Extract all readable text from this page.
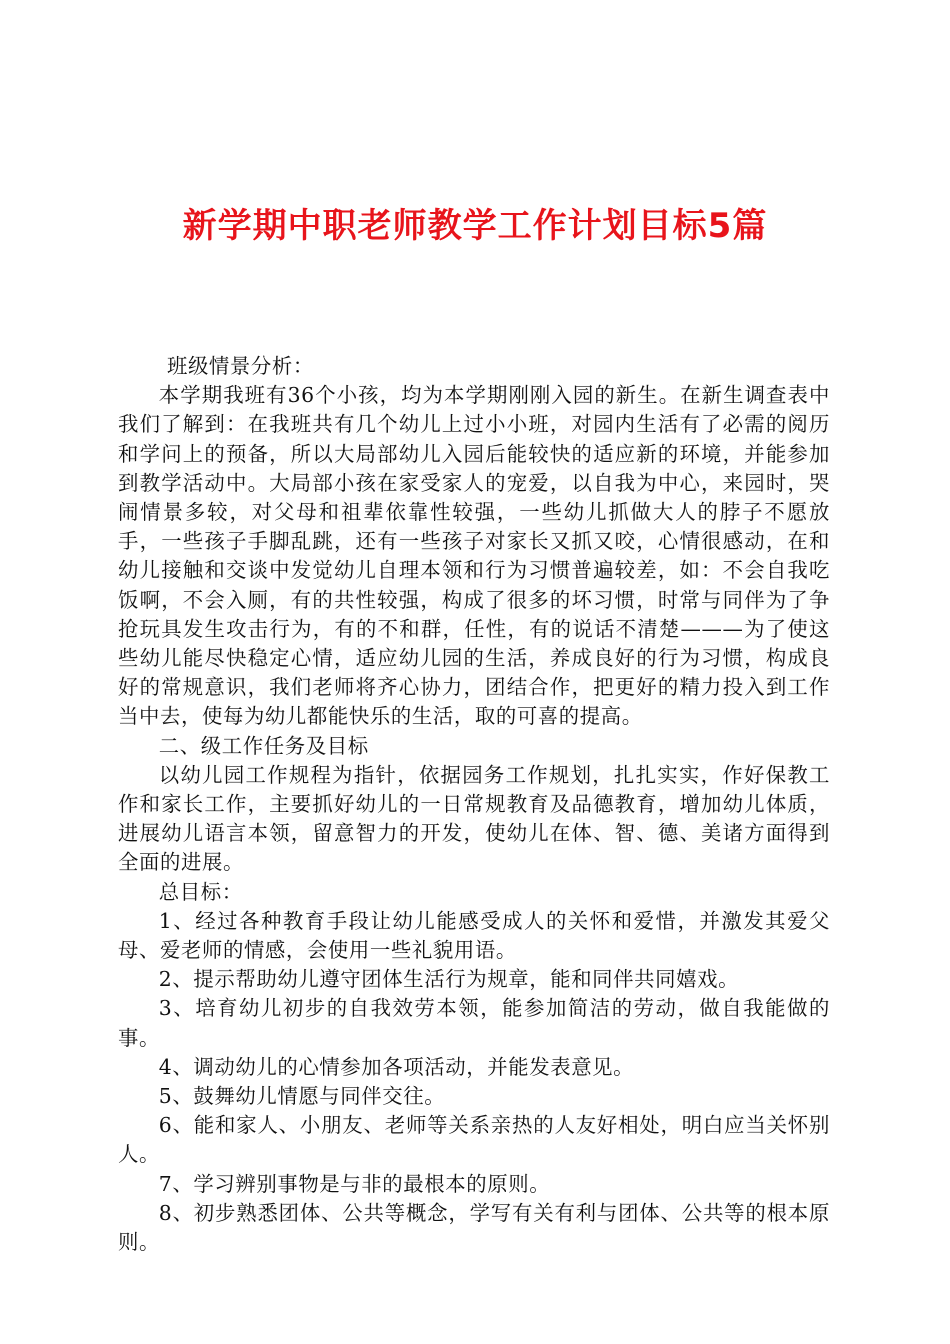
新学期中职老师教学工作计划目标5篇

班级情景分析：

本学期我班有36个小孩，均为本学期刚刚入园的新生。在新生调查表中我们了解到：在我班共有几个幼儿上过小小班，对园内生活有了必需的阅历和学问上的预备，所以大局部幼儿入园后能较快的适应新的环境，并能参加到教学活动中。大局部小孩在家受家人的宠爱，以自我为中心，来园时，哭闹情景多较，对父母和祖辈依靠性较强，一些幼儿抓做大人的脖子不愿放手，一些孩子手脚乱跳，还有一些孩子对家长又抓又咬，心情很感动，在和幼儿接触和交谈中发觉幼儿自理本领和行为习惯普遍较差，如：不会自我吃饭啊，不会入厕，有的共性较强，构成了很多的坏习惯，时常与同伴为了争抢玩具发生攻击行为，有的不和群，任性，有的说话不清楚———为了使这些幼儿能尽快稳定心情，适应幼儿园的生活，养成良好的行为习惯，构成良好的常规意识，我们老师将齐心协力，团结合作，把更好的精力投入到工作当中去，使每为幼儿都能快乐的生活，取的可喜的提高。

二、级工作任务及目标

以幼儿园工作规程为指针，依据园务工作规划，扎扎实实，作好保教工作和家长工作，主要抓好幼儿的一日常规教育及品德教育，增加幼儿体质，进展幼儿语言本领，留意智力的开发，使幼儿在体、智、德、美诸方面得到全面的进展。

总目标：

1、经过各种教育手段让幼儿能感受成人的关怀和爱惜，并激发其爱父母、爱老师的情感，会使用一些礼貌用语。

2、提示帮助幼儿遵守团体生活行为规章，能和同伴共同嬉戏。

3、培育幼儿初步的自我效劳本领，能参加简洁的劳动，做自我能做的事。

4、调动幼儿的心情参加各项活动，并能发表意见。

5、鼓舞幼儿情愿与同伴交往。

6、能和家人、小朋友、老师等关系亲热的人友好相处，明白应当关怀别人。

7、学习辨别事物是与非的最根本的原则。

8、初步熟悉团体、公共等概念，学写有关有利与团体、公共等的根本原则。
